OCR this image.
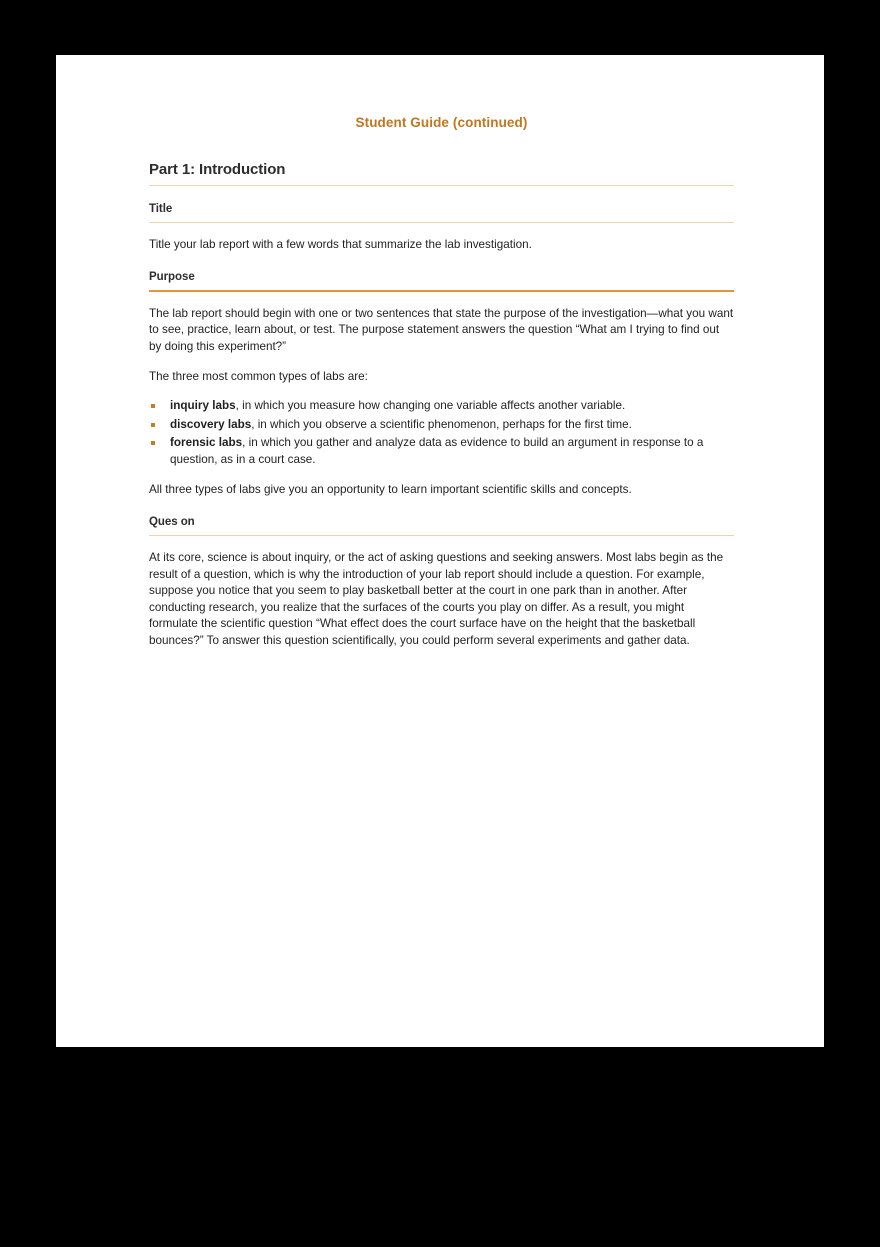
Student Guide (continued)
Part 1: Introduction
Title
Title your lab report with a few words that summarize the lab investigation.
Purpose
The lab report should begin with one or two sentences that state the purpose of the investigation—what you want to see, practice, learn about, or test. The purpose statement answers the question “What am I trying to find out by doing this experiment?”
The three most common types of labs are:
inquiry labs, in which you measure how changing one variable affects another variable.
discovery labs, in which you observe a scientific phenomenon, perhaps for the first time.
forensic labs, in which you gather and analyze data as evidence to build an argument in response to a question, as in a court case.
All three types of labs give you an opportunity to learn important scientific skills and concepts.
Ques on
At its core, science is about inquiry, or the act of asking questions and seeking answers. Most labs begin as the result of a question, which is why the introduction of your lab report should include a question. For example, suppose you notice that you seem to play basketball better at the court in one park than in another. After conducting research, you realize that the surfaces of the courts you play on differ. As a result, you might formulate the scientific question “What effect does the court surface have on the height that the basketball bounces?” To answer this question scientifically, you could perform several experiments and gather data.
